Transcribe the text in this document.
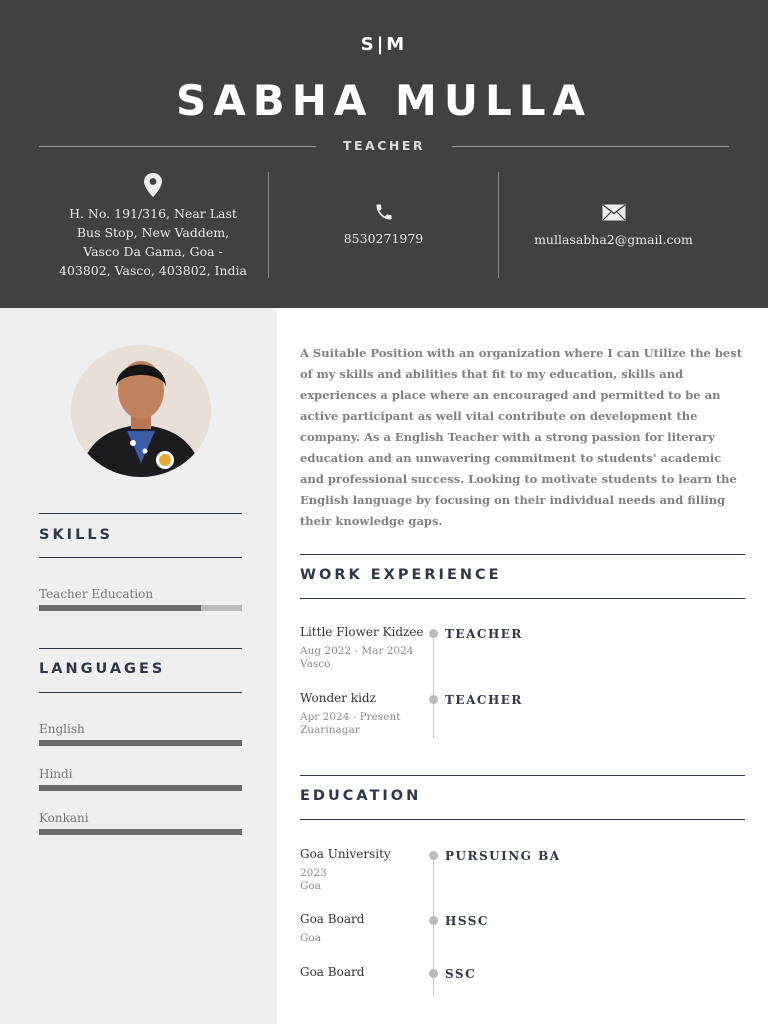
S|M
SABHA MULLA
TEACHER
H. No. 191/316, Near Last
Bus Stop, New Vaddem,
Vasco Da Gama, Goa -
403802, Vasco, 403802, India
8530271979	mullasabha2@gmail.com
SKILLS
Teacher Education
LANGUAGES
English
Hindi
Konkani
A Suitable Position with an organization where I can Utilize the best of my skills and abilities that fit to my education, skills and experiences a place where an encouraged and permitted to be an active participant as well vital contribute on development the company. As a English Teacher with a strong passion for literary education and an unwavering commitment to students' academic and professional success. Looking to motivate students to learn the English language by focusing on their individual needs and filling their knowledge gaps.
WORK EXPERIENCE
Little Flower Kidzee
Aug 2022 - Mar 2024
Vasco
TEACHER
Wonder kidz
Apr 2024 - Present
Zuarinagar
TEACHER
EDUCATION
Goa University
2023
Goa
PURSUING BA
Goa Board
Goa
HSSC
Goa Board	SSC
